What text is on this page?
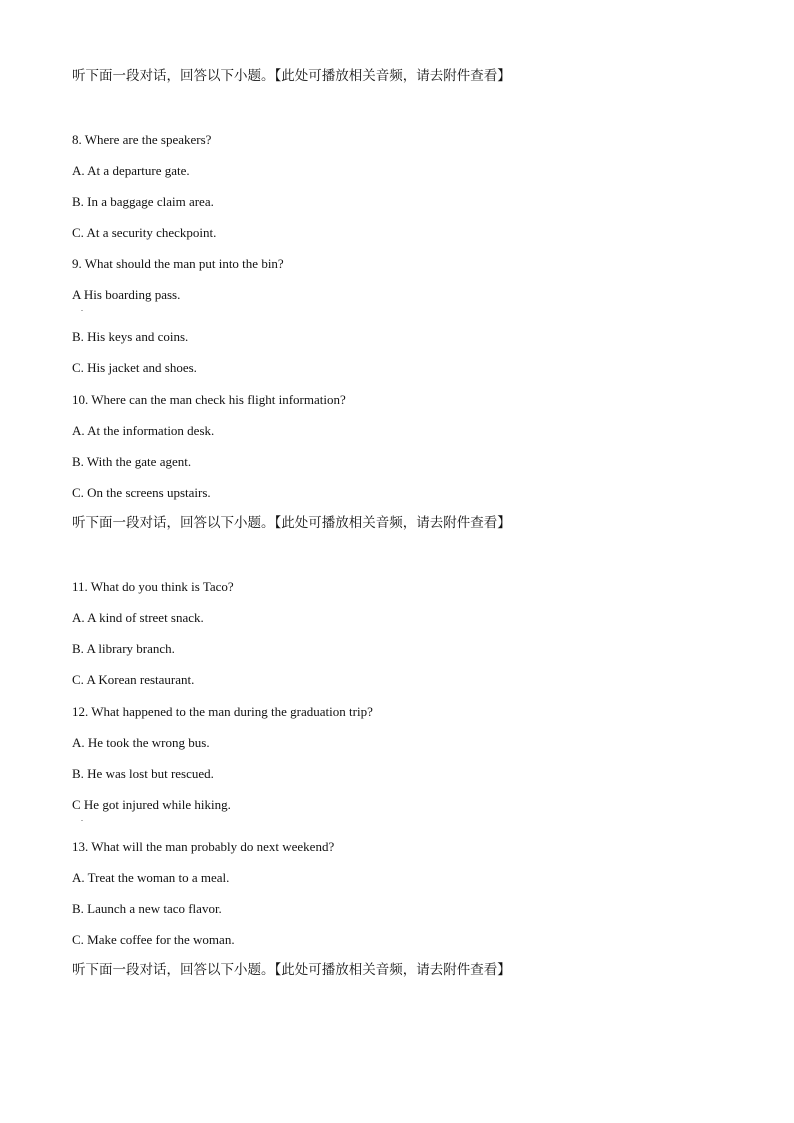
听下面一段对话，回答以下小题。【此处可播放相关音频，请去附件查看】
8. Where are the speakers?
A. At a departure gate.
B. In a baggage claim area.
C. At a security checkpoint.
9. What should the man put into the bin?
A His boarding pass.
.
B. His keys and coins.
C. His jacket and shoes.
10. Where can the man check his flight information?
A. At the information desk.
B. With the gate agent.
C. On the screens upstairs.
听下面一段对话，回答以下小题。【此处可播放相关音频，请去附件查看】
11. What do you think is Taco?
A. A kind of street snack.
B. A library branch.
C. A Korean restaurant.
12. What happened to the man during the graduation trip?
A. He took the wrong bus.
B. He was lost but rescued.
C He got injured while hiking.
.
13. What will the man probably do next weekend?
A. Treat the woman to a meal.
B. Launch a new taco flavor.
C. Make coffee for the woman.
听下面一段对话，回答以下小题。【此处可播放相关音频，请去附件查看】
